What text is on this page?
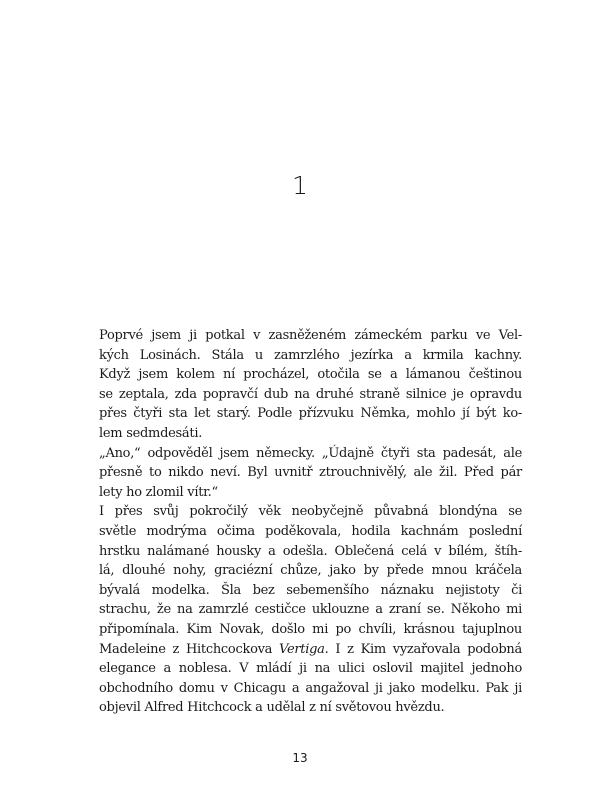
1
Poprvé jsem ji potkal v zasněženém zámeckém parku ve Vel-
kých Losinách. Stála u zamrzlého jezírka a krmila kachny.
Když jsem kolem ní procházel, otočila se a lámanou češtinou
se zeptala, zda popravčí dub na druhé straně silnice je opravdu
přes čtyři sta let starý. Podle přízvuku Němka, mohlo jí být ko-
lem sedmdesáti.
„Ano,“ odpověděl jsem německy. „Údajně čtyři sta padesát, ale
přesně to nikdo neví. Byl uvnitř ztrouchnivělý, ale žil. Před pár
lety ho zlomil vítr.“
I přes svůj pokročilý věk neobyčejně půvabná blondýna se
světle modrýma očima poděkovala, hodila kachnám poslední
hrstku nalámané housky a odešla. Oblečená celá v bílém, štíh-
lá, dlouhé nohy, graciézní chůze, jako by přede mnou kráčela
bývalá modelka. Šla bez sebemenšího náznaku nejistoty či
strachu, že na zamrzlé cestičce uklouzne a zraní se. Někoho mi
připomínala. Kim Novak, došlo mi po chvíli, krásnou tajuplnou
Madeleine z Hitchcockova Vertiga. I z Kim vyzařovala podobná
elegance a noblesa. V mládí ji na ulici oslovil majitel jednoho
obchodního domu v Chicagu a angažoval ji jako modelku. Pak ji
objevil Alfred Hitchcock a udělal z ní světovou hvězdu.
13
